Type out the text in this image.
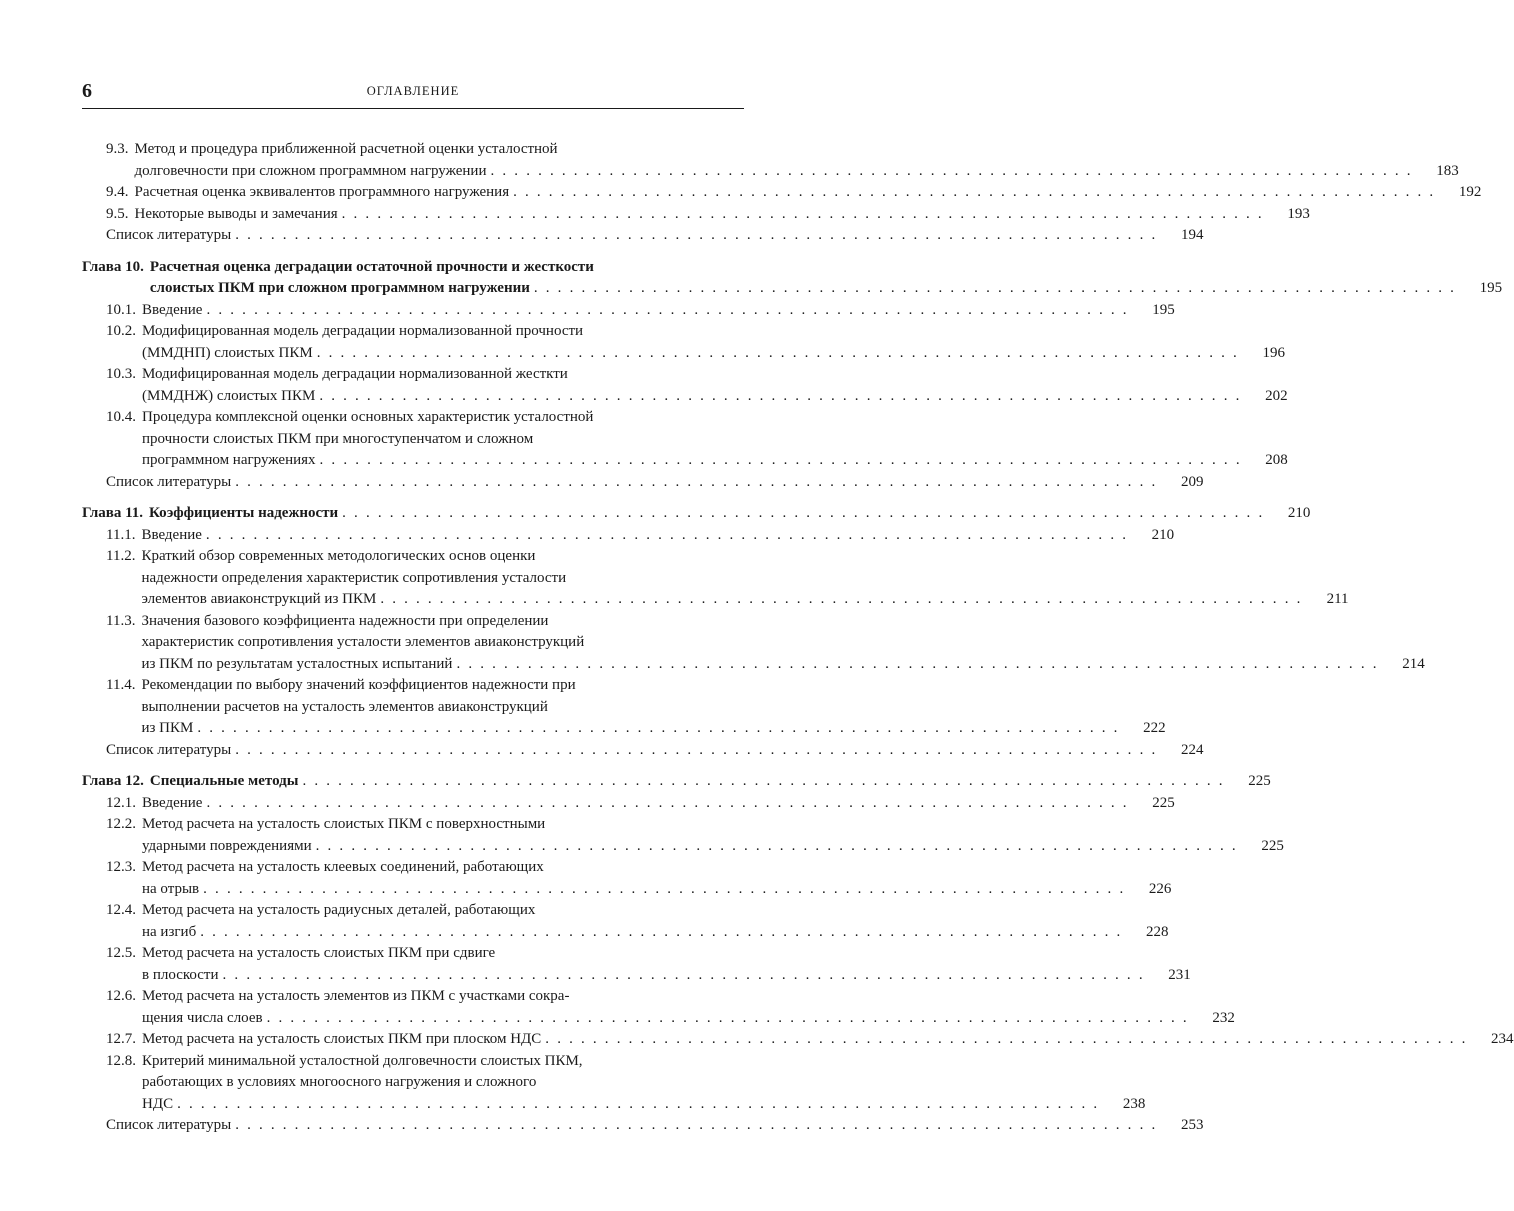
6	ОГЛАВЛЕНИЕ
9.3. Метод и процедура приближенной расчетной оценки усталостной
долговечности при сложном программном нагружении . . . . . . . . . . . . . . . . . . . . . . . . . . . . . . . . . . . . . . . . . . . . . . . . . . . . . . . . . . . . . . . . . . . . . . . . . . . . . .	183
9.4. Расчетная оценка эквивалентов программного нагружения . . . . . . . . . . . . . . . . . . . . . . . . . . . . . . . . . . . . . . . . . . . . . . . . . . . . . . . . . . . . . . . . . . . . . . . . . . . . . .	192
9.5. Некоторые выводы и замечания . . . . . . . . . . . . . . . . . . . . . . . . . . . . . . . . . . . . . . . . . . . . . . . . . . . . . . . . . . . . . . . . . . . . . . . . . . . . . .	193
Список литературы . . . . . . . . . . . . . . . . . . . . . . . . . . . . . . . . . . . . . . . . . . . . . . . . . . . . . . . . . . . . . . . . . . . . . . . . . . . . . .	194
Глава 10. Расчетная оценка деградации остаточной прочности и жесткости
слоистых ПКМ при сложном программном нагружении . . . . . . . . . . . . . . . . . . . . . . . . . . . . . . . . . . . . . . . . . . . . . . . . . . . . . . . . . . . . . . . . . . . . . . . . . . . . . .	195
10.1. Введение . . . . . . . . . . . . . . . . . . . . . . . . . . . . . . . . . . . . . . . . . . . . . . . . . . . . . . . . . . . . . . . . . . . . . . . . . . . . . .	195
10.2. Модифицированная модель деградации нормализованной прочности
(ММДНП) слоистых ПКМ . . . . . . . . . . . . . . . . . . . . . . . . . . . . . . . . . . . . . . . . . . . . . . . . . . . . . . . . . . . . . . . . . . . . . . . . . . . . . .	196
10.3. Модифицированная модель деградации нормализованной жесткти
(ММДНЖ) слоистых ПКМ . . . . . . . . . . . . . . . . . . . . . . . . . . . . . . . . . . . . . . . . . . . . . . . . . . . . . . . . . . . . . . . . . . . . . . . . . . . . . .	202
10.4. Процедура комплексной оценки основных характеристик усталостной
прочности слоистых ПКМ при многоступенчатом и сложном
программном нагружениях . . . . . . . . . . . . . . . . . . . . . . . . . . . . . . . . . . . . . . . . . . . . . . . . . . . . . . . . . . . . . . . . . . . . . . . . . . . . . .	208
Список литературы . . . . . . . . . . . . . . . . . . . . . . . . . . . . . . . . . . . . . . . . . . . . . . . . . . . . . . . . . . . . . . . . . . . . . . . . . . . . . .	209
Глава 11. Коэффициенты надежности . . . . . . . . . . . . . . . . . . . . . . . . . . . . . . . . . . . . . . . . . . . . . . . . . . . . . . . . . . . . . . . . . . . . . . . . . . . . . .	210
11.1. Введение . . . . . . . . . . . . . . . . . . . . . . . . . . . . . . . . . . . . . . . . . . . . . . . . . . . . . . . . . . . . . . . . . . . . . . . . . . . . . .	210
11.2. Краткий обзор современных методологических основ оценки
надежности определения характеристик сопротивления усталости
элементов авиаконструкций из ПКМ . . . . . . . . . . . . . . . . . . . . . . . . . . . . . . . . . . . . . . . . . . . . . . . . . . . . . . . . . . . . . . . . . . . . . . . . . . . . . .	211
11.3. Значения базового коэффициента надежности при определении
характеристик сопротивления усталости элементов авиаконструкций
из ПКМ по результатам усталостных испытаний . . . . . . . . . . . . . . . . . . . . . . . . . . . . . . . . . . . . . . . . . . . . . . . . . . . . . . . . . . . . . . . . . . . . . . . . . . . . . .	214
11.4. Рекомендации по выбору значений коэффициентов надежности при
выполнении расчетов на усталость элементов авиаконструкций
из ПКМ . . . . . . . . . . . . . . . . . . . . . . . . . . . . . . . . . . . . . . . . . . . . . . . . . . . . . . . . . . . . . . . . . . . . . . . . . . . . . .	222
Список литературы . . . . . . . . . . . . . . . . . . . . . . . . . . . . . . . . . . . . . . . . . . . . . . . . . . . . . . . . . . . . . . . . . . . . . . . . . . . . . .	224
Глава 12. Специальные методы . . . . . . . . . . . . . . . . . . . . . . . . . . . . . . . . . . . . . . . . . . . . . . . . . . . . . . . . . . . . . . . . . . . . . . . . . . . . . .	225
12.1. Введение . . . . . . . . . . . . . . . . . . . . . . . . . . . . . . . . . . . . . . . . . . . . . . . . . . . . . . . . . . . . . . . . . . . . . . . . . . . . . .	225
12.2. Метод расчета на усталость слоистых ПКМ с поверхностными
ударными повреждениями . . . . . . . . . . . . . . . . . . . . . . . . . . . . . . . . . . . . . . . . . . . . . . . . . . . . . . . . . . . . . . . . . . . . . . . . . . . . . .	225
12.3. Метод расчета на усталость клеевых соединений, работающих
на отрыв . . . . . . . . . . . . . . . . . . . . . . . . . . . . . . . . . . . . . . . . . . . . . . . . . . . . . . . . . . . . . . . . . . . . . . . . . . . . . .	226
12.4. Метод расчета на усталость радиусных деталей, работающих
на изгиб . . . . . . . . . . . . . . . . . . . . . . . . . . . . . . . . . . . . . . . . . . . . . . . . . . . . . . . . . . . . . . . . . . . . . . . . . . . . . .	228
12.5. Метод расчета на усталость слоистых ПКМ при сдвиге
в плоскости . . . . . . . . . . . . . . . . . . . . . . . . . . . . . . . . . . . . . . . . . . . . . . . . . . . . . . . . . . . . . . . . . . . . . . . . . . . . . .	231
12.6. Метод расчета на усталость элементов из ПКМ с участками сокра-
щения числа слоев . . . . . . . . . . . . . . . . . . . . . . . . . . . . . . . . . . . . . . . . . . . . . . . . . . . . . . . . . . . . . . . . . . . . . . . . . . . . . .	232
12.7. Метод расчета на усталость слоистых ПКМ при плоском НДС . . . . . . . . . . . . . . . . . . . . . . . . . . . . . . . . . . . . . . . . . . . . . . . . . . . . . . . . . . . . . . . . . . . . . . . . . . . . . .	234
12.8. Критерий минимальной усталостной долговечности слоистых ПКМ,
работающих в условиях многоосного нагружения и сложного
НДС . . . . . . . . . . . . . . . . . . . . . . . . . . . . . . . . . . . . . . . . . . . . . . . . . . . . . . . . . . . . . . . . . . . . . . . . . . . . . .	238
Список литературы . . . . . . . . . . . . . . . . . . . . . . . . . . . . . . . . . . . . . . . . . . . . . . . . . . . . . . . . . . . . . . . . . . . . . . . . . . . . . .	253
